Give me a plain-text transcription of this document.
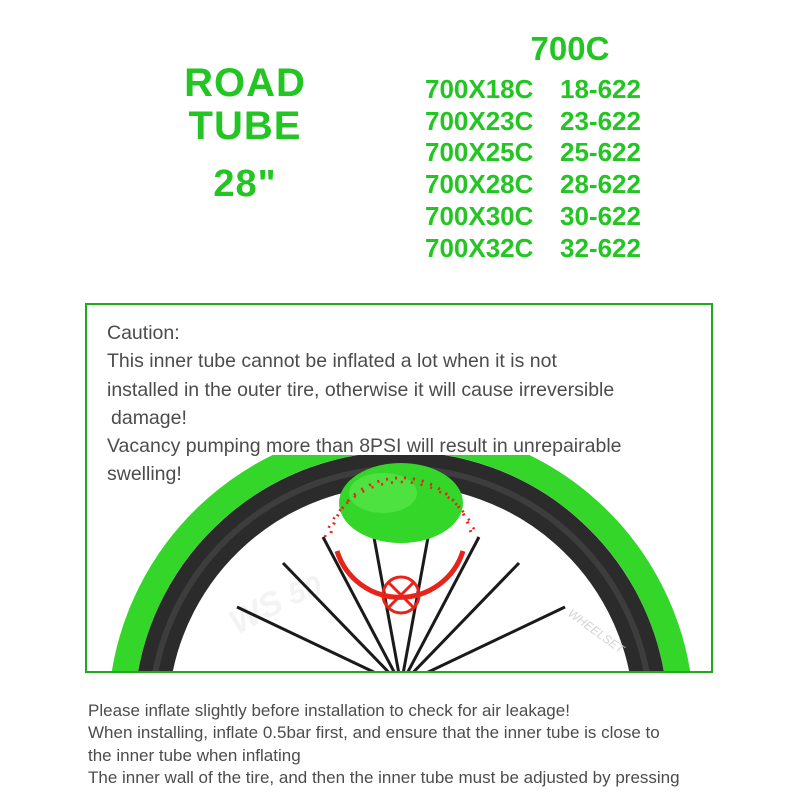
ROAD
TUBE
28"
700C
700X18C	18-622
700X23C	23-622
700X25C	25-622
700X28C	28-622
700X30C	30-622
700X32C	32-622
Caution:
This inner tube cannot be inflated a lot when it is not
installed in the outer tire, otherwise it will cause irreversible
damage!
Vacancy pumping more than 8PSI will result in unrepairable
swelling!
WS
50
WHEELSET
Please inflate slightly before installation to check for air leakage!
When installing, inflate 0.5bar first, and ensure that the inner tube is close to
the inner tube when inflating
The inner wall of the tire, and then the inner tube must be adjusted by pressing
